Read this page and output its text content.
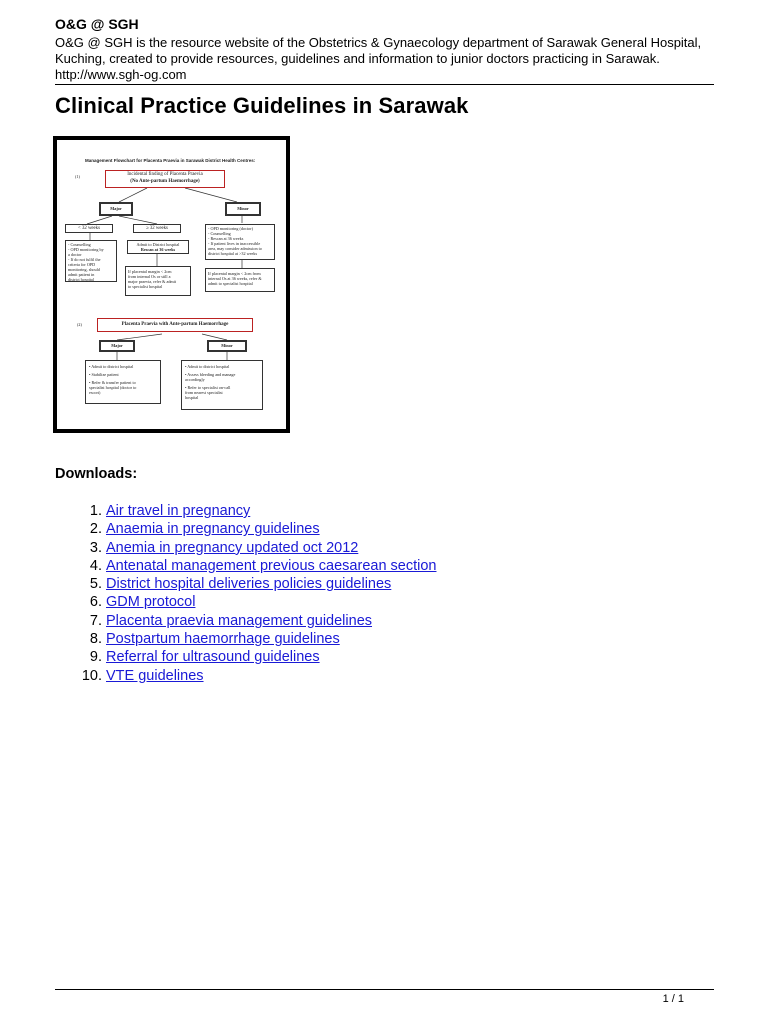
O&G @ SGH
O&G @ SGH is the resource website of the Obstetrics & Gynaecology department of Sarawak General Hospital, Kuching, created to provide resources, guidelines and information to junior doctors practicing in Sarawak.
http://www.sgh-og.com
Clinical Practice Guidelines in Sarawak
Management Flowchart for Placenta Praevia in Sarawak District Health Centres:
(1)	Incidental finding of Placenta Praevia
(No Ante-partum Haemorrhage)
Major	Minor
< 32 weeks	≥ 32 weeks
- Counselling
- OPD monitoring by
a doctor
- If do not fulfil the
criteria for OPD
monitoring, should
admit patient in
district hospital
Admit to District hospital
Rescan at 36 weeks
- OPD monitoring (doctor)
- Counselling
- Rescan at 36 weeks
- If patient lives in inaccessible
area, may consider admission to
district hospital at >32 weeks
If placental margin < 2cm
from internal Os or still a
major praevia, refer & admit
to specialist hospital
If placental margin < 2cm from
internal Os at 36 weeks, refer &
admit to specialist hospital
(2)	Placenta Praevia with Ante-partum Haemorrhage
Major	Minor
• Admit to district hospital
• Stabilize patient
• Refer & transfer patient to
specialist hospital (doctor to
escort)
• Admit to district hospital
• Assess bleeding and manage
accordingly
• Refer to specialist on-call
from nearest specialist
hospital
Downloads:
1. Air travel in pregnancy
2. Anaemia in pregnancy guidelines
3. Anemia in pregnancy updated oct 2012
4. Antenatal management previous caesarean section
5. District hospital deliveries policies guidelines
6. GDM protocol
7. Placenta praevia management guidelines
8. Postpartum haemorrhage guidelines
9. Referral for ultrasound guidelines
10. VTE guidelines
1 / 1
